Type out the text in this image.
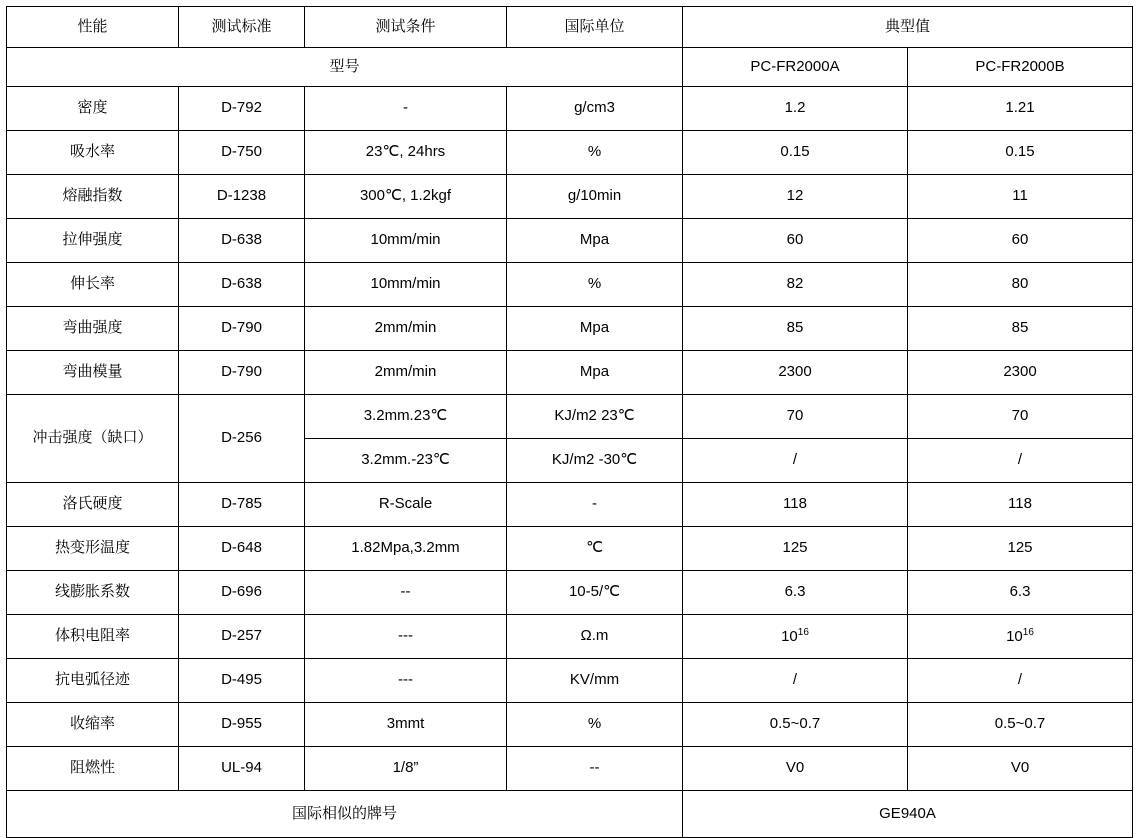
性能	测试标准	测试条件	国际单位	典型值	
型号				PC-FR2000A	PC-FR2000B
密度	D-792	-	g/cm3	1.2	1.21
吸水率	D-750	23℃, 24hrs	%	0.15	0.15
熔融指数	D-1238	300℃, 1.2kgf	g/10min	12	11
拉伸强度	D-638	10mm/min	Mpa	60	60
伸长率	D-638	10mm/min	%	82	80
弯曲强度	D-790	2mm/min	Mpa	85	85
弯曲模量	D-790	2mm/min	Mpa	2300	2300
冲击强度（缺口）	D-256	3.2mm.23℃	KJ/m2 23℃	70	70
		3.2mm.-23℃	KJ/m2 -30℃	/	/
洛氏硬度	D-785	R-Scale	-	118	118
热变形温度	D-648	1.82Mpa,3.2mm	℃	125	125
线膨胀系数	D-696	--	10-5/℃	6.3	6.3
体积电阻率	D-257	---	Ω.m	$10^{16}$	$10^{16}$
抗电弧径迹	D-495	---	KV/mm	/	/
收缩率	D-955	3mmt	%	0.5~0.7	0.5~0.7
阻燃性	UL-94	1/8”	--	V0	V0
国际相似的牌号				GE940A	
